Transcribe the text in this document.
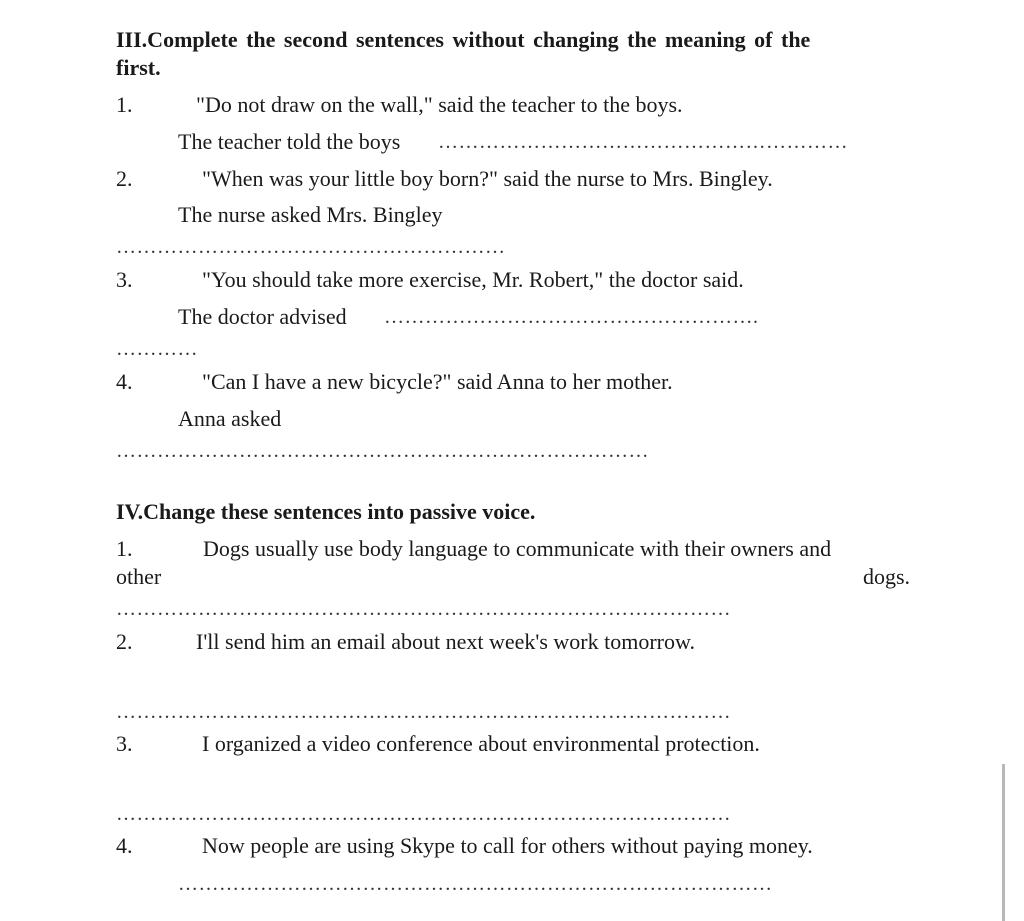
III.Complete the second sentences without changing the meaning of the
first.
1.	"Do not draw on the wall," said the teacher to the boys.
The teacher told the boys ……………………………………………………
2.	"When was your little boy born?" said the nurse to Mrs. Bingley.
The nurse asked Mrs. Bingley
…………………………………………………
3.	"You should take more exercise, Mr. Robert," the doctor said.
The doctor advised ……………………………………………….
…………
4.	"Can I have a new bicycle?" said Anna to her mother.
Anna asked
……………………………………………………………………
IV.Change these sentences into passive voice.
1.	Dogs usually use body language to communicate with their owners and
other	dogs.
………………………………………………………………………………
2.	I'll send him an email about next week's work tomorrow.
………………………………………………………………………………
3.	I organized a video conference about environmental protection.
………………………………………………………………………………
4.	Now people are using Skype to call for others without paying money.
……………………………………………………………………………
